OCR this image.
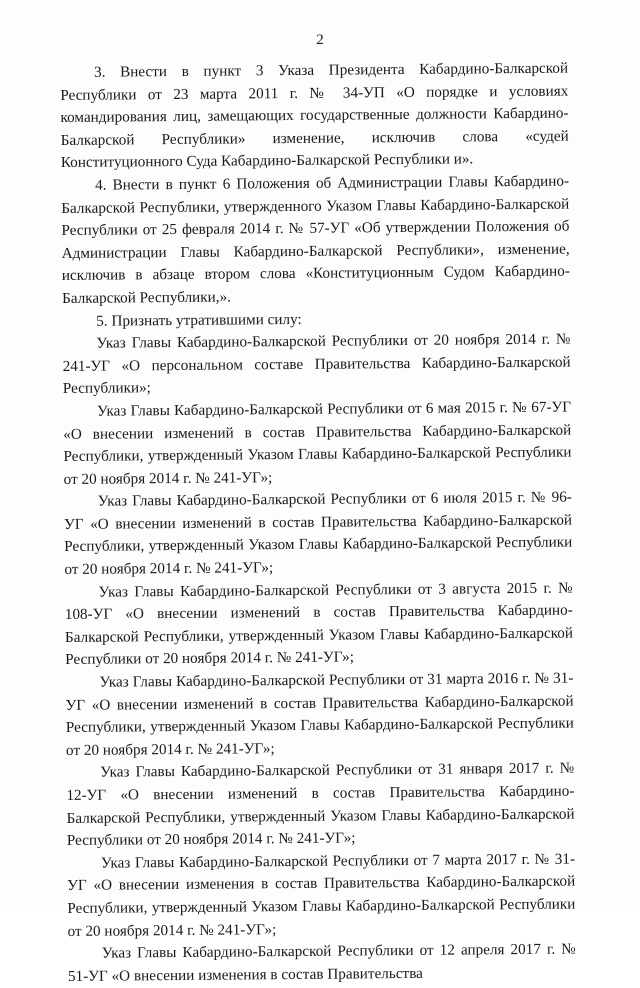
2

3. Внести в пункт 3 Указа Президента Кабардино-Балкарской Республики от 23 марта 2011 г. № 34-УП «О порядке и условиях командирования лиц, замещающих государственные должности Кабардино-Балкарской Республики» изменение, исключив слова «судей Конституционного Суда Кабардино-Балкарской Республики и».

4. Внести в пункт 6 Положения об Администрации Главы Кабардино-Балкарской Республики, утвержденного Указом Главы Кабардино-Балкарской Республики от 25 февраля 2014 г. № 57-УГ «Об утверждении Положения об Администрации Главы Кабардино-Балкарской Республики», изменение, исключив в абзаце втором слова «Конституционным Судом Кабардино-Балкарской Республики,».

5. Признать утратившими силу:

Указ Главы Кабардино-Балкарской Республики от 20 ноября 2014 г. № 241-УГ «О персональном составе Правительства Кабардино-Балкарской Республики»;

Указ Главы Кабардино-Балкарской Республики от 6 мая 2015 г. № 67-УГ «О внесении изменений в состав Правительства Кабардино-Балкарской Республики, утвержденный Указом Главы Кабардино-Балкарской Республики от 20 ноября 2014 г. № 241-УГ»;

Указ Главы Кабардино-Балкарской Республики от 6 июля 2015 г. № 96-УГ «О внесении изменений в состав Правительства Кабардино-Балкарской Республики, утвержденный Указом Главы Кабардино-Балкарской Республики от 20 ноября 2014 г. № 241-УГ»;

Указ Главы Кабардино-Балкарской Республики от 3 августа 2015 г. № 108-УГ «О внесении изменений в состав Правительства Кабардино-Балкарской Республики, утвержденный Указом Главы Кабардино-Балкарской Республики от 20 ноября 2014 г. № 241-УГ»;

Указ Главы Кабардино-Балкарской Республики от 31 марта 2016 г. № 31-УГ «О внесении изменений в состав Правительства Кабардино-Балкарской Республики, утвержденный Указом Главы Кабардино-Балкарской Республики от 20 ноября 2014 г. № 241-УГ»;

Указ Главы Кабардино-Балкарской Республики от 31 января 2017 г. № 12-УГ «О внесении изменений в состав Правительства Кабардино-Балкарской Республики, утвержденный Указом Главы Кабардино-Балкарской Республики от 20 ноября 2014 г. № 241-УГ»;

Указ Главы Кабардино-Балкарской Республики от 7 марта 2017 г. № 31-УГ «О внесении изменения в состав Правительства Кабардино-Балкарской Республики, утвержденный Указом Главы Кабардино-Балкарской Республики от 20 ноября 2014 г. № 241-УГ»;

Указ Главы Кабардино-Балкарской Республики от 12 апреля 2017 г. № 51-УГ «О внесении изменения в состав Правительства
